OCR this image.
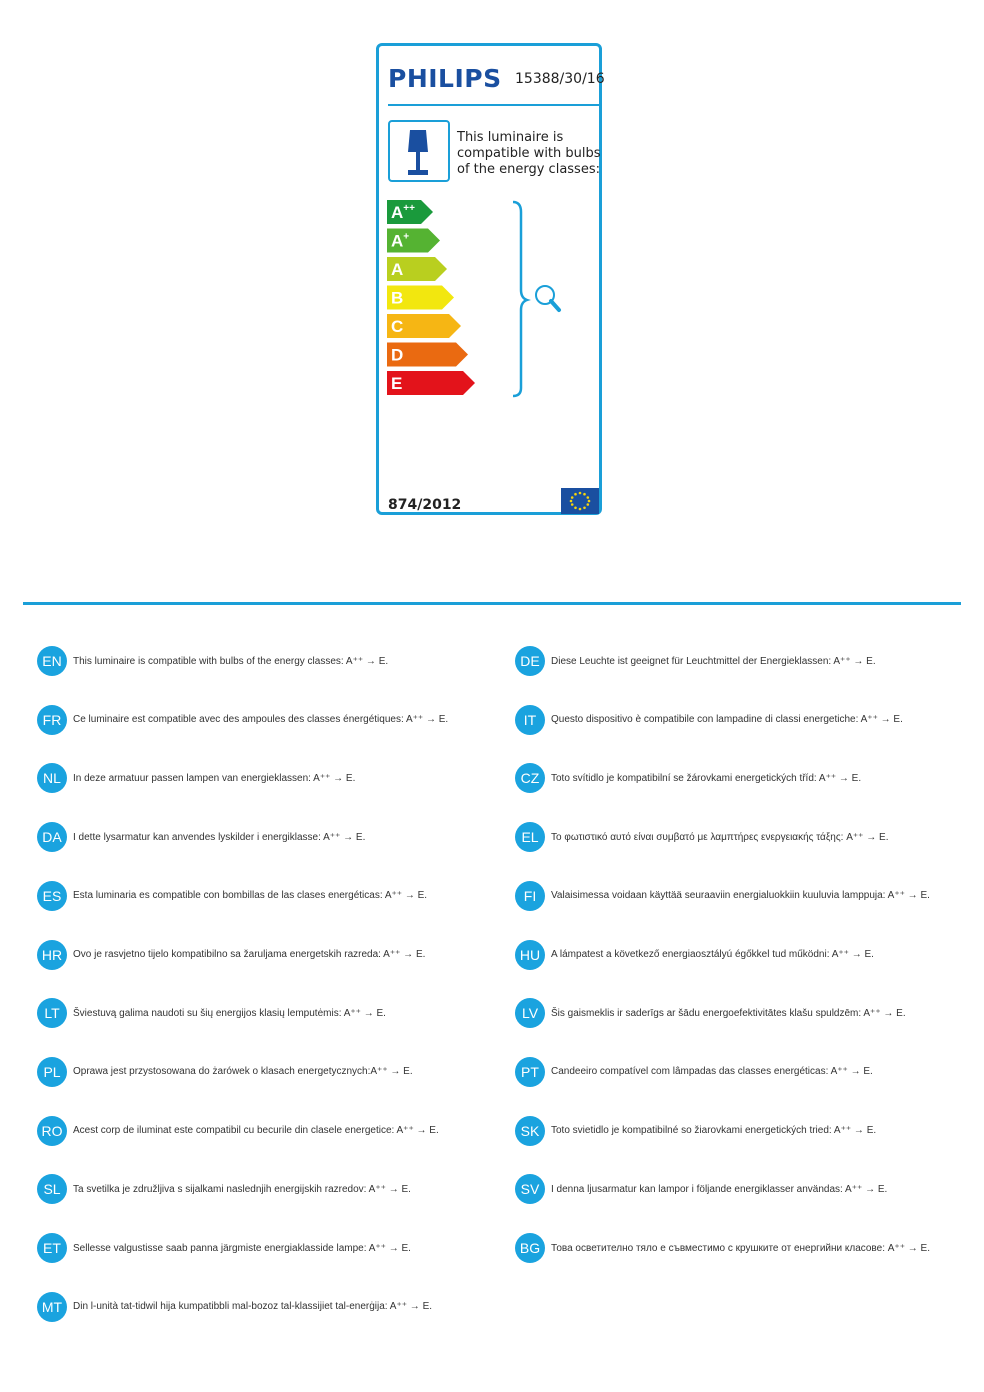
PHILIPS 15388/30/16
This luminaire is
compatible with bulbs
of the energy classes:
A++
A+
A
B
C
D
E
874/2012
EN	This luminaire is compatible with bulbs of the energy classes: A⁺⁺ → E.	DE	Diese Leuchte ist geeignet für Leuchtmittel der Energieklassen: A⁺⁺ → E.
FR	Ce luminaire est compatible avec des ampoules des classes énergétiques: A⁺⁺ → E.	IT	Questo dispositivo è compatibile con lampadine di classi energetiche: A⁺⁺ → E.
NL	In deze armatuur passen lampen van energieklassen: A⁺⁺ → E.	CZ	Toto svítidlo je kompatibilní se žárovkami energetických tříd: A⁺⁺ → E.
DA	I dette lysarmatur kan anvendes lyskilder i energiklasse: A⁺⁺ → E.	EL	Το φωτιστικό αυτό είναι συμβατό με λαμπτήρες ενεργειακής τάξης: A⁺⁺ → E.
ES	Esta luminaria es compatible con bombillas de las clases energéticas: A⁺⁺ → E.	FI	Valaisimessa voidaan käyttää seuraaviin energialuokkiin kuuluvia lamppuja: A⁺⁺ → E.
HR	Ovo je rasvjetno tijelo kompatibilno sa žaruljama energetskih razreda: A⁺⁺ → E.	HU	A lámpatest a következő energiaosztályú égőkkel tud működni: A⁺⁺ → E.
LT	Šviestuvą galima naudoti su šių energijos klasių lemputėmis: A⁺⁺ → E.	LV	Šis gaismeklis ir saderīgs ar šādu energoefektivitātes klašu spuldzēm: A⁺⁺ → E.
PL	Oprawa jest przystosowana do żarówek o klasach energetycznych:A⁺⁺ → E.	PT	Candeeiro compatível com lâmpadas das classes energéticas: A⁺⁺ → E.
RO	Acest corp de iluminat este compatibil cu becurile din clasele energetice: A⁺⁺ → E.	SK	Toto svietidlo je kompatibilné so žiarovkami energetických tried: A⁺⁺ → E.
SL	Ta svetilka je združljiva s sijalkami naslednjih energijskih razredov: A⁺⁺ → E.	SV	I denna ljusarmatur kan lampor i följande energiklasser användas: A⁺⁺ → E.
ET	Sellesse valgustisse saab panna järgmiste energiaklasside lampe: A⁺⁺ → E.	BG	Това осветително тяло е съвместимо с крушките от енергийни класове: A⁺⁺ → E.
MT	Din l-unità tat-tidwil hija kumpatibbli mal-bozoz tal-klassijiet tal-enerġija: A⁺⁺ → E.
